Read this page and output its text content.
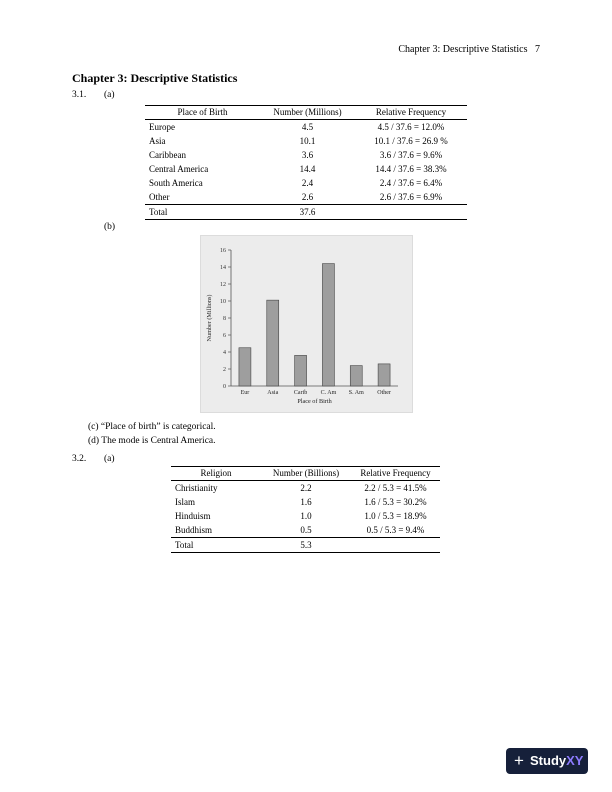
Chapter 3: Descriptive Statistics   7
Chapter 3: Descriptive Statistics
3.1. (a)
Place of Birth	Number (Millions)	Relative Frequency
Europe	4.5	4.5 / 37.6 = 12.0%
Asia	10.1	10.1 / 37.6 = 26.9 %
Caribbean	3.6	3.6 / 37.6 = 9.6%
Central America	14.4	14.4 / 37.6 = 38.3%
South America	2.4	2.4 / 37.6 = 6.4%
Other	2.6	2.6 / 37.6 = 6.9%
Total	37.6	
(b)
0
2
4
6
8
10
12
14
16
Eur	Asia	Carib C. Am S. Am Other
Place of Birth
Number (Millions)
(c) “Place of birth” is categorical.
(d) The mode is Central America.
3.2. (a)
Religion	Number (Billions)	Relative Frequency
Christianity	2.2	2.2 / 5.3 = 41.5%
Islam	1.6	1.6 / 5.3 = 30.2%
Hinduism	1.0	1.0 / 5.3 = 18.9%
Buddhism	0.5	0.5 / 5.3 = 9.4%
Total	5.3	
+ StudyXY
